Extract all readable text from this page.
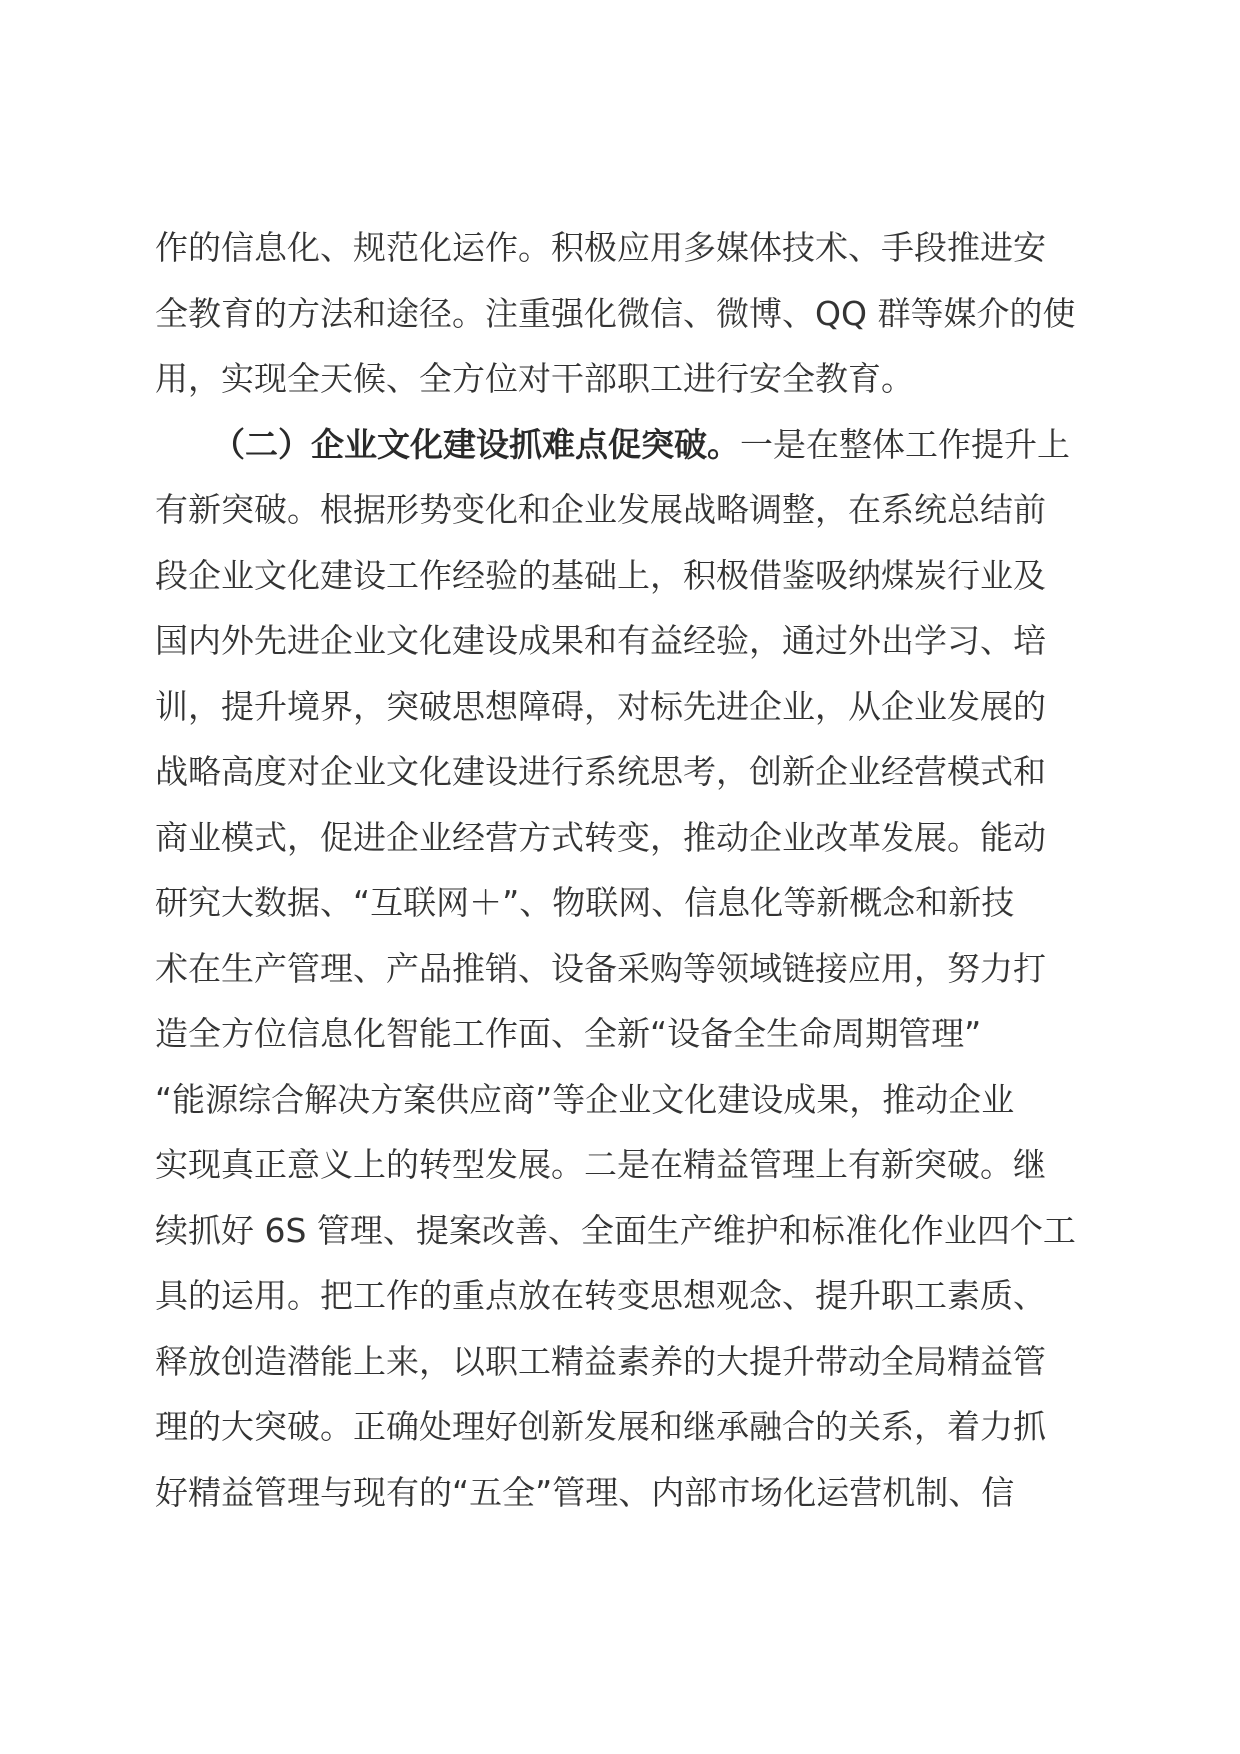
作的信息化、规范化运作。积极应用多媒体技术、手段推进安
全教育的方法和途径。注重强化微信、微博、QQ 群等媒介的使
用，实现全天候、全方位对干部职工进行安全教育。
（二）企业文化建设抓难点促突破。一是在整体工作提升上
有新突破。根据形势变化和企业发展战略调整，在系统总结前
段企业文化建设工作经验的基础上，积极借鉴吸纳煤炭行业及
国内外先进企业文化建设成果和有益经验，通过外出学习、培
训，提升境界，突破思想障碍，对标先进企业，从企业发展的
战略高度对企业文化建设进行系统思考，创新企业经营模式和
商业模式，促进企业经营方式转变，推动企业改革发展。能动
研究大数据、“互联网＋”、物联网、信息化等新概念和新技
术在生产管理、产品推销、设备采购等领域链接应用，努力打
造全方位信息化智能工作面、全新“设备全生命周期管理”
“能源综合解决方案供应商”等企业文化建设成果，推动企业
实现真正意义上的转型发展。二是在精益管理上有新突破。继
续抓好 6S 管理、提案改善、全面生产维护和标准化作业四个工
具的运用。把工作的重点放在转变思想观念、提升职工素质、
释放创造潜能上来，以职工精益素养的大提升带动全局精益管
理的大突破。正确处理好创新发展和继承融合的关系，着力抓
好精益管理与现有的“五全”管理、内部市场化运营机制、信
